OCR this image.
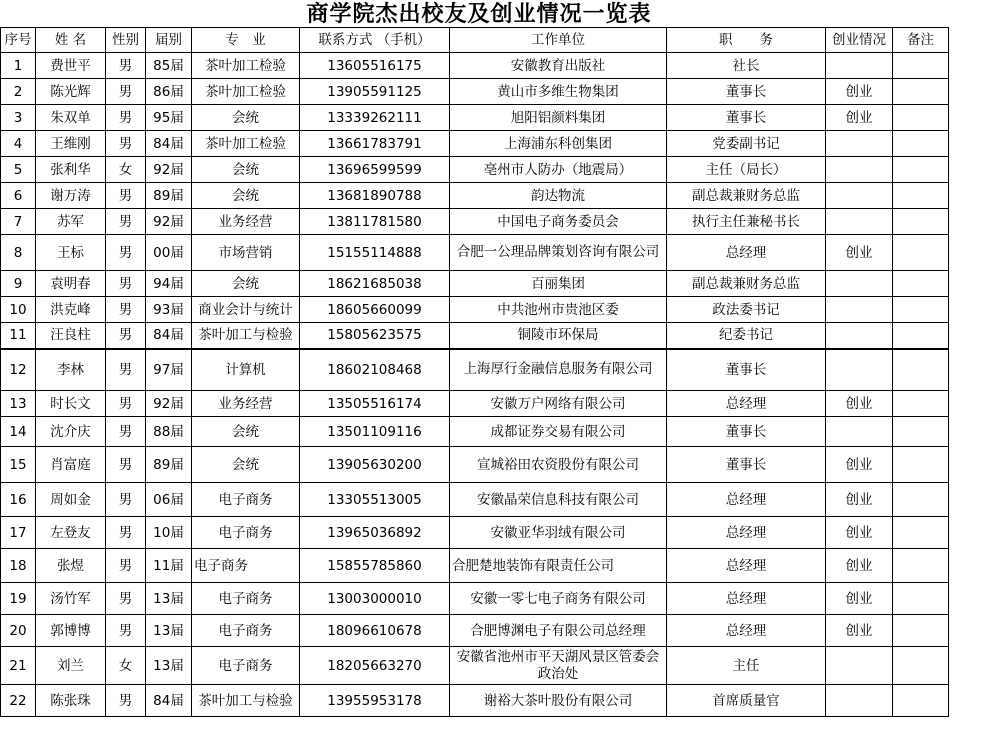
商学院杰出校友及创业情况一览表
序号	姓 名	性别	届别	专　业	联系方式 （手机）	工作单位	职　　务	创业情况	备注
1	费世平	男	85届	茶叶加工检验	13605516175	安徽教育出版社	社长		
2	陈光辉	男	86届	茶叶加工检验	13905591125	黄山市多维生物集团	董事长	创业	
3	朱双单	男	95届	会统	13339262111	旭阳铝颜料集团	董事长	创业	
4	王维刚	男	84届	茶叶加工检验	13661783791	上海浦东科创集团	党委副书记		
5	张利华	女	92届	会统	13696599599	亳州市人防办（地震局）	主任（局长）		
6	谢万涛	男	89届	会统	13681890788	韵达物流	副总裁兼财务总监		
7	苏军	男	92届	业务经营	13811781580	中国电子商务委员会	执行主任兼秘书长		
8	王标	男	00届	市场营销	15155114888	合肥一公理品牌策划咨询有限公司	总经理	创业	
9	袁明春	男	94届	会统	18621685038	百丽集团	副总裁兼财务总监		
10	洪克峰	男	93届	商业会计与统计	18605660099	中共池州市贵池区委	政法委书记		
11	汪良柱	男	84届	茶叶加工与检验	15805623575	铜陵市环保局	纪委书记		
12	李林	男	97届	计算机	18602108468	上海厚行金融信息服务有限公司	董事长		
13	时长文	男	92届	业务经营	13505516174	安徽万户网络有限公司	总经理	创业	
14	沈介庆	男	88届	会统	13501109116	成都证券交易有限公司	董事长		
15	肖富庭	男	89届	会统	13905630200	宣城裕田农资股份有限公司	董事长	创业	
16	周如金	男	06届	电子商务	13305513005	安徽晶荣信息科技有限公司	总经理	创业	
17	左登友	男	10届	电子商务	13965036892	安徽亚华羽绒有限公司	总经理	创业	
18	张煜	男	11届	电子商务	15855785860	合肥楚地装饰有限责任公司	总经理	创业	
19	汤竹军	男	13届	电子商务	13003000010	安徽一零七电子商务有限公司	总经理	创业	
20	郭博博	男	13届	电子商务	18096610678	合肥博渊电子有限公司总经理	总经理	创业	
21	刘兰	女	13届	电子商务	18205663270	安徽省池州市平天湖风景区管委会政治处	主任		
22	陈张珠	男	84届	茶叶加工与检验	13955953178	谢裕大茶叶股份有限公司	首席质量官		
